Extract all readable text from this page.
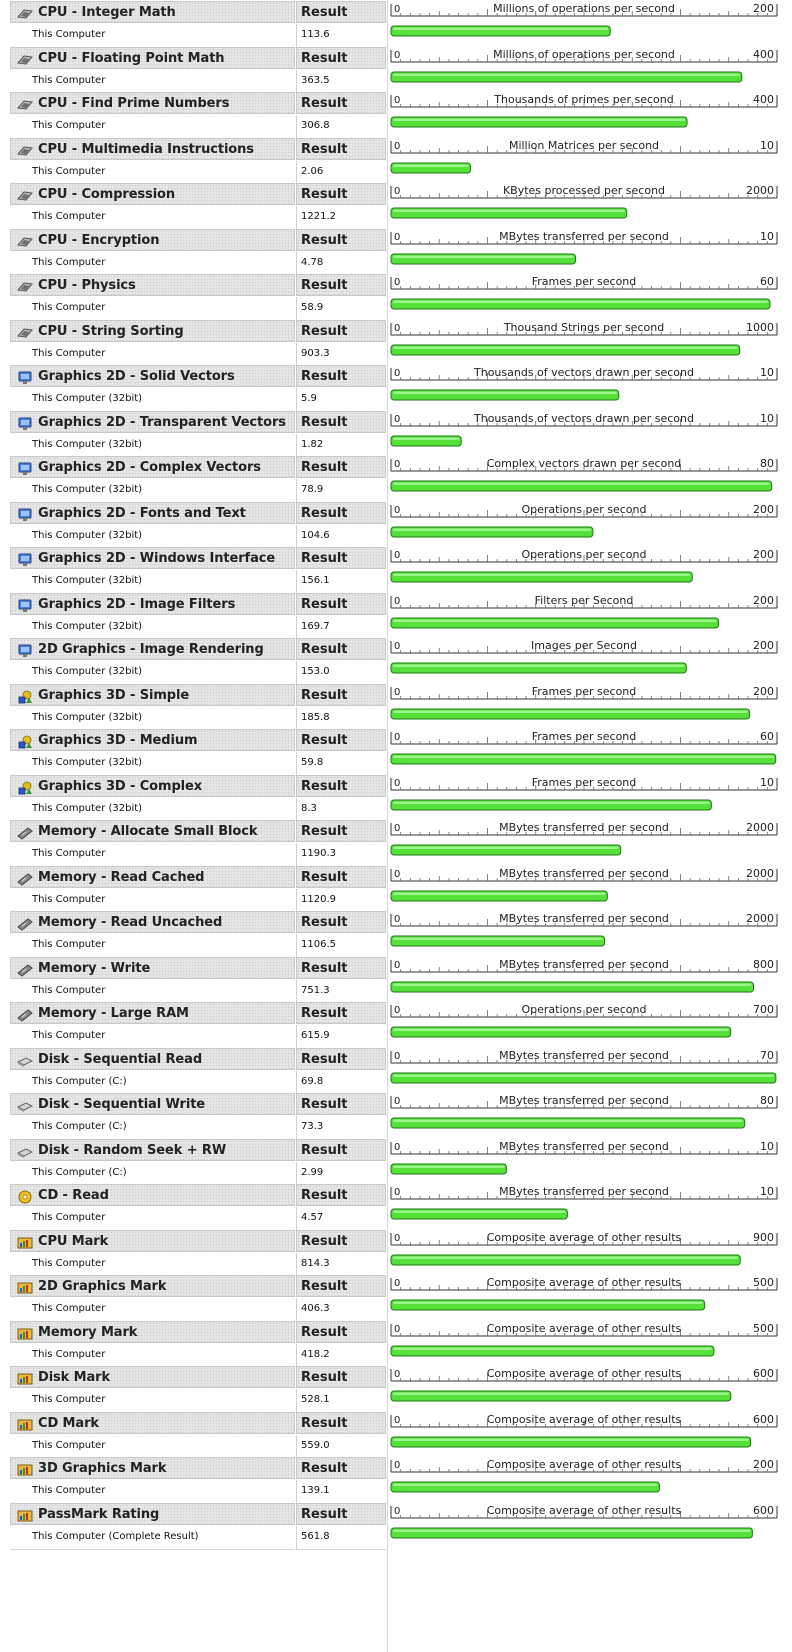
CPU - Integer Math	Result
This Computer	113.6
0	Millions of operations per second	200
CPU - Floating Point Math	Result
This Computer	363.5
0	Millions of operations per second	400
CPU - Find Prime Numbers	Result
This Computer	306.8
0	Thousands of primes per second	400
CPU - Multimedia Instructions	Result
This Computer	2.06
0	Million Matrices per second	10
CPU - Compression	Result
This Computer	1221.2
0	KBytes processed per second	2000
CPU - Encryption	Result
This Computer	4.78
0	MBytes transferred per second	10
CPU - Physics	Result
This Computer	58.9
0	Frames per second	60
CPU - String Sorting	Result
This Computer	903.3
0	Thousand Strings per second	1000
Graphics 2D - Solid Vectors	Result
This Computer (32bit)	5.9
0	Thousands of vectors drawn per second	10
Graphics 2D - Transparent Vectors Result
This Computer (32bit)	1.82
0	Thousands of vectors drawn per second	10
Graphics 2D - Complex Vectors	Result
This Computer (32bit)	78.9
0	Complex vectors drawn per second	80
Graphics 2D - Fonts and Text	Result
This Computer (32bit)	104.6
0	Operations per second	200
Graphics 2D - Windows Interface Result
This Computer (32bit)	156.1
0	Operations per second	200
Graphics 2D - Image Filters	Result
This Computer (32bit)	169.7
0	Filters per Second	200
2D Graphics - Image Rendering	Result
This Computer (32bit)	153.0
0	Images per Second	200
Graphics 3D - Simple	Result
This Computer (32bit)	185.8
0	Frames per second	200
Graphics 3D - Medium	Result
This Computer (32bit)	59.8
0	Frames per second	60
Graphics 3D - Complex	Result
This Computer (32bit)	8.3
0	Frames per second	10
Memory - Allocate Small Block	Result
This Computer	1190.3
0	MBytes transferred per second	2000
Memory - Read Cached	Result
This Computer	1120.9
0	MBytes transferred per second	2000
Memory - Read Uncached	Result
This Computer	1106.5
0	MBytes transferred per second	2000
Memory - Write	Result
This Computer	751.3
0	MBytes transferred per second	800
Memory - Large RAM	Result
This Computer	615.9
0	Operations per second	700
Disk - Sequential Read	Result
This Computer (C:)	69.8
0	MBytes transferred per second	70
Disk - Sequential Write	Result
This Computer (C:)	73.3
0	MBytes transferred per second	80
Disk - Random Seek + RW	Result
This Computer (C:)	2.99
0	MBytes transferred per second	10
CD - Read	Result
This Computer	4.57
0	MBytes transferred per second	10
CPU Mark	Result
This Computer	814.3
0	Composite average of other results	900
2D Graphics Mark	Result
This Computer	406.3
0	Composite average of other results	500
Memory Mark	Result
This Computer	418.2
0	Composite average of other results	500
Disk Mark	Result
This Computer	528.1
0	Composite average of other results	600
CD Mark	Result
This Computer	559.0
0	Composite average of other results	600
3D Graphics Mark	Result
This Computer	139.1
0	Composite average of other results	200
PassMark Rating	Result
This Computer (Complete Result)	561.8
0	Composite average of other results	600
